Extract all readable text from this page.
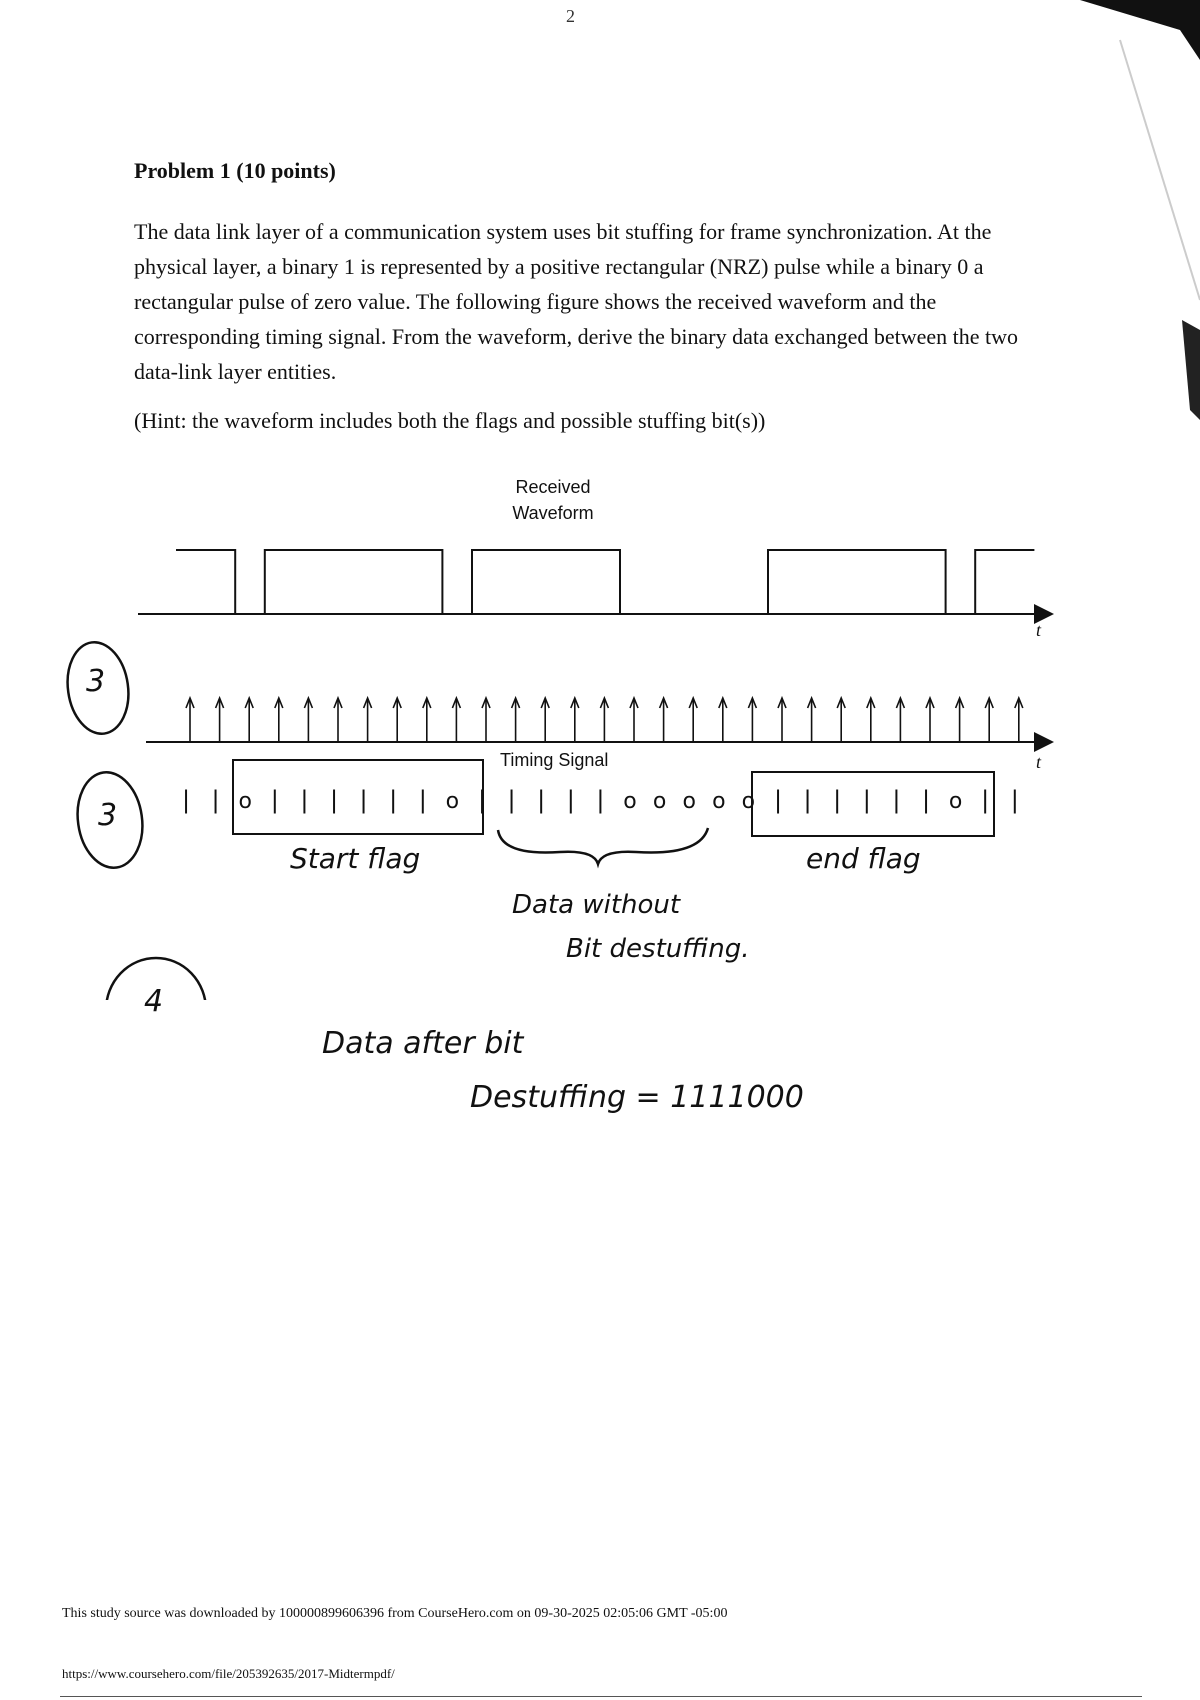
2
Problem 1 (10 points)

The data link layer of a communication system uses bit stuffing for frame synchronization. At the physical layer, a binary 1 is represented by a positive rectangular (NRZ) pulse while a binary 0 a rectangular pulse of zero value. The following figure shows the received waveform and the corresponding timing signal. From the waveform, derive the binary data exchanged between the two data-link layer entities.

(Hint: the waveform includes both the flags and possible stuffing bit(s))

Received
Waveform
| | o | | | | | | o | | | | | o o o o o | | | | | | o | |
t
Timing Signal	t
3
3
4
Start flag	end flag
Data without
Bit destuffing.
Data after bit
Destuffing = 1111000
This study source was downloaded by 100000899606396 from CourseHero.com on 09-30-2025 02:05:06 GMT -05:00
https://www.coursehero.com/file/205392635/2017-Midtermpdf/
